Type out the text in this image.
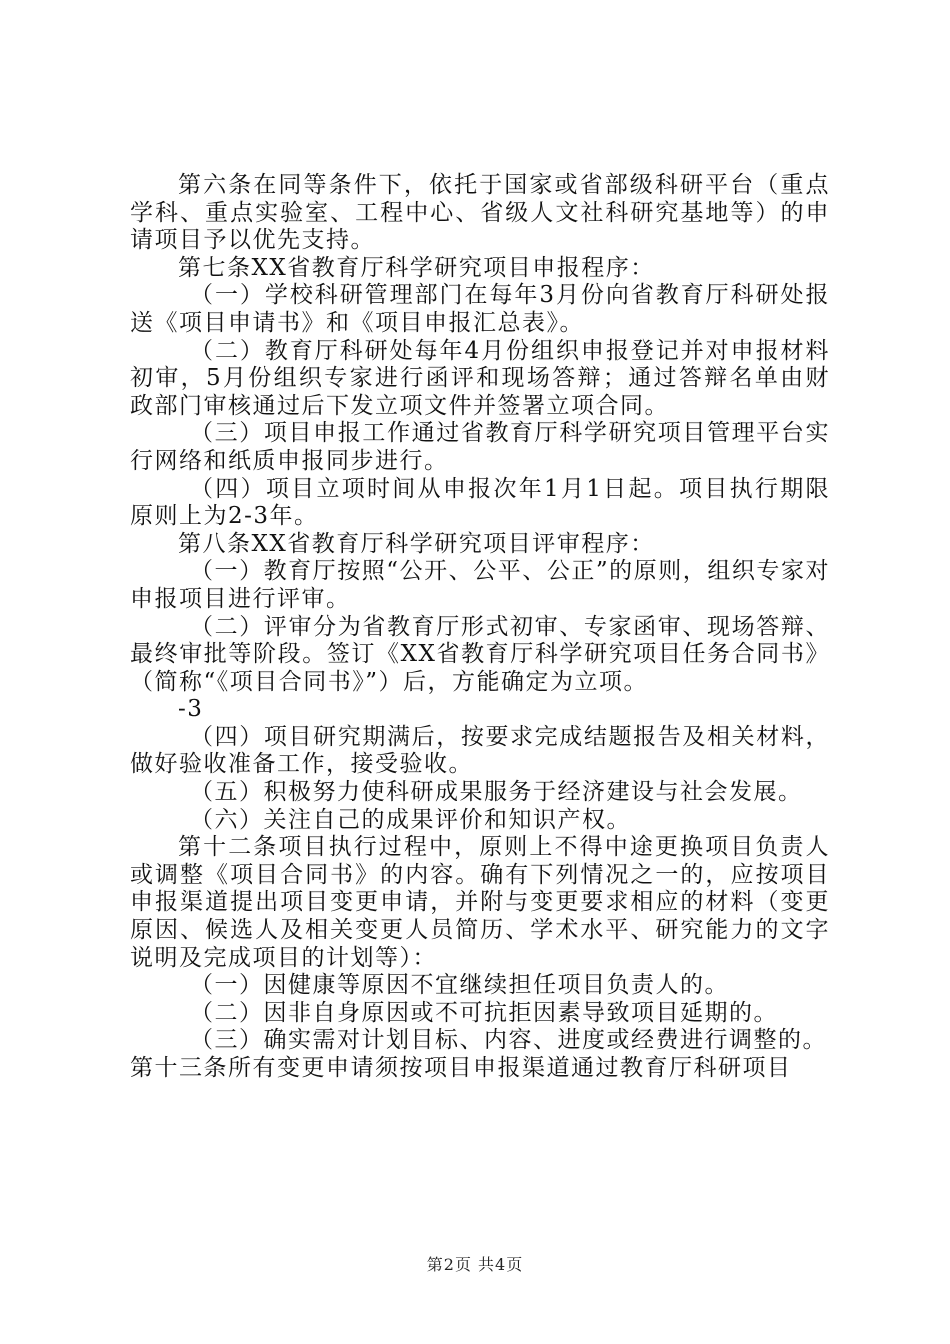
第六条在同等条件下，依托于国家或省部级科研平台（重点学科、重点实验室、工程中心、省级人文社科研究基地等）的申请项目予以优先支持。

第七条XX省教育厅科学研究项目申报程序：

（一）学校科研管理部门在每年3月份向省教育厅科研处报送《项目申请书》和《项目申报汇总表》。

（二）教育厅科研处每年4月份组织申报登记并对申报材料初审，5月份组织专家进行函评和现场答辩；通过答辩名单由财政部门审核通过后下发立项文件并签署立项合同。

（三）项目申报工作通过省教育厅科学研究项目管理平台实行网络和纸质申报同步进行。

（四）项目立项时间从申报次年1月1日起。项目执行期限原则上为2-3年。

第八条XX省教育厅科学研究项目评审程序：

（一）教育厅按照“公开、公平、公正”的原则，组织专家对申报项目进行评审。

（二）评审分为省教育厅形式初审、专家函审、现场答辩、最终审批等阶段。签订《XX省教育厅科学研究项目任务合同书》（简称“《项目合同书》”）后，方能确定为立项。

-3

（四）项目研究期满后，按要求完成结题报告及相关材料，做好验收准备工作，接受验收。

（五）积极努力使科研成果服务于经济建设与社会发展。

（六）关注自己的成果评价和知识产权。

第十二条项目执行过程中，原则上不得中途更换项目负责人或调整《项目合同书》的内容。确有下列情况之一的，应按项目申报渠道提出项目变更申请，并附与变更要求相应的材料（变更原因、候选人及相关变更人员简历、学术水平、研究能力的文字说明及完成项目的计划等）：

（一）因健康等原因不宜继续担任项目负责人的。

（二）因非自身原因或不可抗拒因素导致项目延期的。

（三）确实需对计划目标、内容、进度或经费进行调整的。

第十三条所有变更申请须按项目申报渠道通过教育厅科研项目

第2页 共4页
